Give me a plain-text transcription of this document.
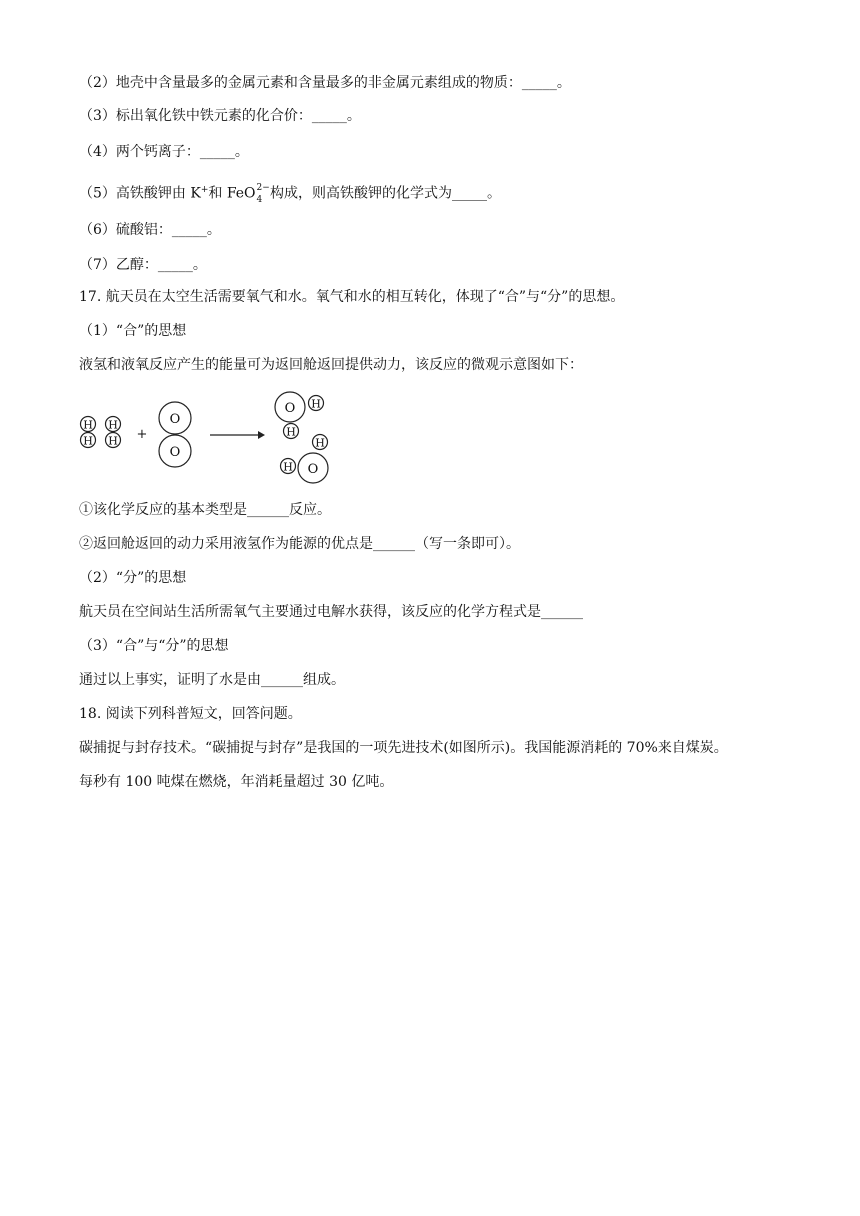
（2）地壳中含量最多的金属元素和含量最多的非金属元素组成的物质：_____。
（3）标出氧化铁中铁元素的化合价：_____。
（4）两个钙离子：_____。
（5）高铁酸钾由 K+和 FeO 2−
4 构成，则高铁酸钾的化学式为_____。
（6）硫酸铝：_____。
（7）乙醇：_____。
17. 航天员在太空生活需要氧气和水。氧气和水的相互转化，体现了“合”与“分”的思想。
（1）“合”的思想
液氢和液氧反应产生的能量可为返回舱返回提供动力，该反应的微观示意图如下：
H
H
H
H +
O
O
O H
H
O
H
H
①该化学反应的基本类型是______反应。
②返回舱返回的动力采用液氢作为能源的优点是______（写一条即可）。
（2）“分”的思想
航天员在空间站生活所需氧气主要通过电解水获得，该反应的化学方程式是______
（3）“合”与“分”的思想
通过以上事实，证明了水是由______组成。
18. 阅读下列科普短文，回答问题。
碳捕捉与封存技术。“碳捕捉与封存”是我国的一项先进技术(如图所示)。我国能源消耗的 70%来自煤炭。
每秒有 100 吨煤在燃烧，年消耗量超过 30 亿吨。
